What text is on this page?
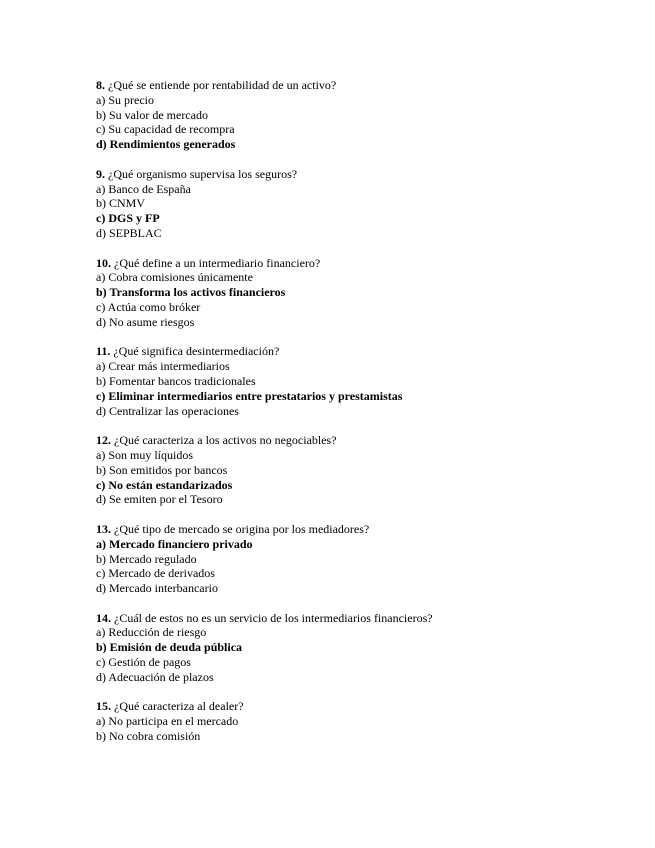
8. ¿Qué se entiende por rentabilidad de un activo?
a) Su precio
b) Su valor de mercado
c) Su capacidad de recompra
d) Rendimientos generados
9. ¿Qué organismo supervisa los seguros?
a) Banco de España
b) CNMV
c) DGS y FP
d) SEPBLAC
10. ¿Qué define a un intermediario financiero?
a) Cobra comisiones únicamente
b) Transforma los activos financieros
c) Actúa como bróker
d) No asume riesgos
11. ¿Qué significa desintermediación?
a) Crear más intermediarios
b) Fomentar bancos tradicionales
c) Eliminar intermediarios entre prestatarios y prestamistas
d) Centralizar las operaciones
12. ¿Qué caracteriza a los activos no negociables?
a) Son muy líquidos
b) Son emitidos por bancos
c) No están estandarizados
d) Se emiten por el Tesoro
13. ¿Qué tipo de mercado se origina por los mediadores?
a) Mercado financiero privado
b) Mercado regulado
c) Mercado de derivados
d) Mercado interbancario
14. ¿Cuál de estos no es un servicio de los intermediarios financieros?
a) Reducción de riesgo
b) Emisión de deuda pública
c) Gestión de pagos
d) Adecuación de plazos
15. ¿Qué caracteriza al dealer?
a) No participa en el mercado
b) No cobra comisión
